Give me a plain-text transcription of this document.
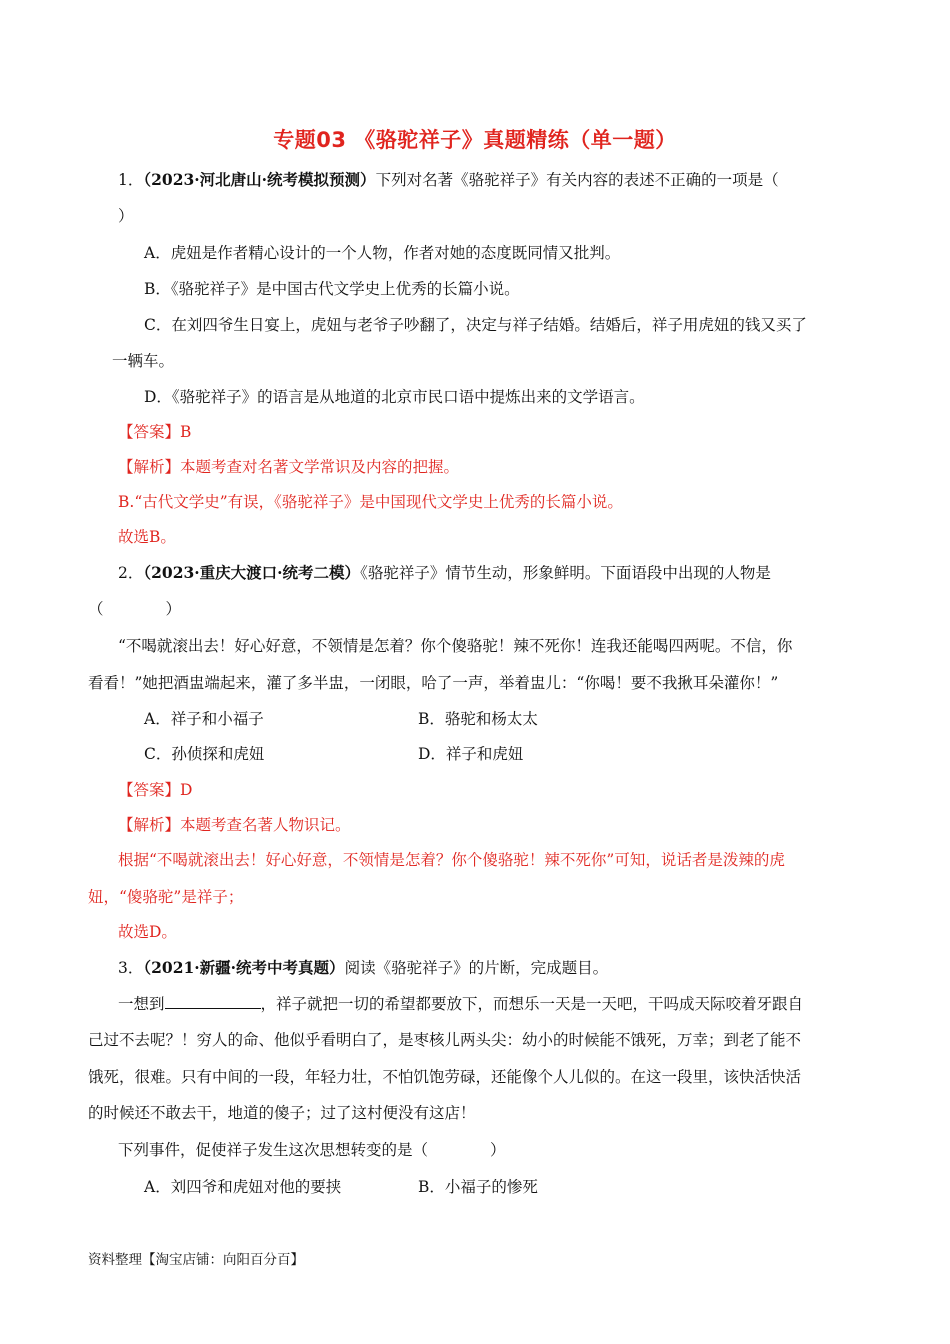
专题03 《骆驼祥子》真题精练（单一题）
1．（2023·河北唐山·统考模拟预测）下列对名著《骆驼祥子》有关内容的表述不正确的一项是（
）
A．虎妞是作者精心设计的一个人物，作者对她的态度既同情又批判。
B．《骆驼祥子》是中国古代文学史上优秀的长篇小说。
C．在刘四爷生日宴上，虎妞与老爷子吵翻了，决定与祥子结婚。结婚后，祥子用虎妞的钱又买了
一辆车。
D．《骆驼祥子》的语言是从地道的北京市民口语中提炼出来的文学语言。
【答案】B
【解析】本题考查对名著文学常识及内容的把握。
B.“古代文学史”有误，《骆驼祥子》是中国现代文学史上优秀的长篇小说。
故选B。
2．（2023·重庆大渡口·统考二模）《骆驼祥子》情节生动，形象鲜明。下面语段中出现的人物是
（　　　　）
“不喝就滚出去！好心好意，不领情是怎着？你个傻骆驼！辣不死你！连我还能喝四两呢。不信，你
看看！”她把酒盅端起来，灌了多半盅，一闭眼，哈了一声，举着盅儿：“你喝！要不我揪耳朵灌你！”
A．祥子和小福子	B．骆驼和杨太太
C．孙侦探和虎妞	D．祥子和虎妞
【答案】D
【解析】本题考查名著人物识记。
根据“不喝就滚出去！好心好意，不领情是怎着？你个傻骆驼！辣不死你”可知，说话者是泼辣的虎
妞，“傻骆驼”是祥子；
故选D。
3．（2021·新疆·统考中考真题）阅读《骆驼祥子》的片断，完成题目。
一想到	，祥子就把一切的希望都要放下，而想乐一天是一天吧，干吗成天际咬着牙跟自
己过不去呢？！穷人的命、他似乎看明白了，是枣核儿两头尖：幼小的时候能不饿死，万幸；到老了能不
饿死，很难。只有中间的一段，年轻力壮，不怕饥饱劳碌，还能像个人儿似的。在这一段里，该快活快活
的时候还不敢去干，地道的傻子；过了这村便没有这店！
下列事件，促使祥子发生这次思想转变的是（　　　　）
A．刘四爷和虎妞对他的要挟	B．小福子的惨死
资料整理【淘宝店铺：向阳百分百】
